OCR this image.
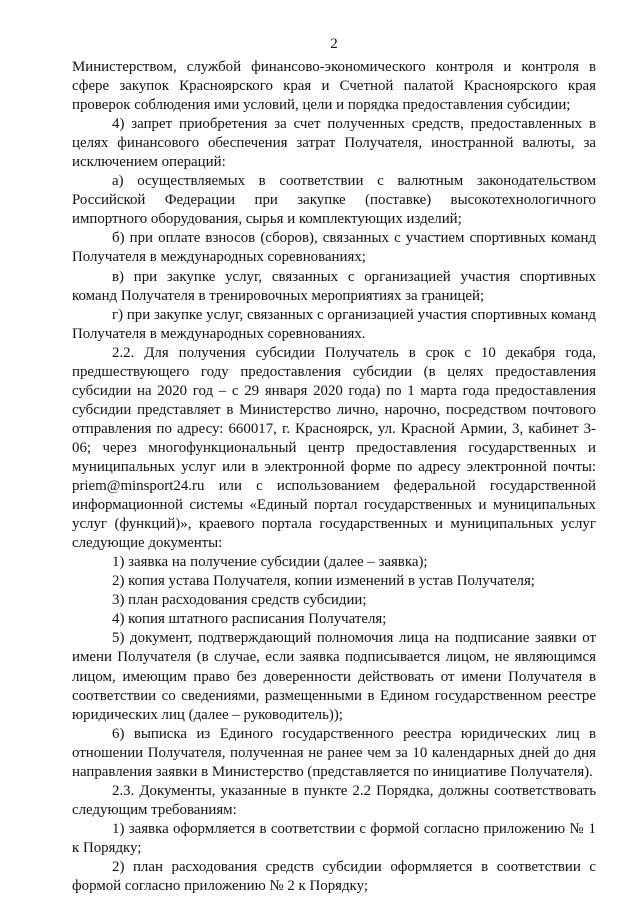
2

Министерством, службой финансово-экономического контроля и контроля в сфере закупок Красноярского края и Счетной палатой Красноярского края проверок соблюдения ими условий, цели и порядка предоставления субсидии;

4) запрет приобретения за счет полученных средств, предоставленных в целях финансового обеспечения затрат Получателя, иностранной валюты, за исключением операций:

а) осуществляемых в соответствии с валютным законодательством Российской Федерации при закупке (поставке) высокотехнологичного импортного оборудования, сырья и комплектующих изделий;

б) при оплате взносов (сборов), связанных с участием спортивных команд Получателя в международных соревнованиях;

в) при закупке услуг, связанных с организацией участия спортивных команд Получателя в тренировочных мероприятиях за границей;

г) при закупке услуг, связанных с организацией участия спортивных команд Получателя в международных соревнованиях.

2.2. Для получения субсидии Получатель в срок с 10 декабря года, предшествующего году предоставления субсидии (в целях предоставления субсидии на 2020 год – с 29 января 2020 года) по 1 марта года предоставления субсидии представляет в Министерство лично, нарочно, посредством почтового отправления по адресу: 660017, г. Красноярск, ул. Красной Армии, 3, кабинет 3-06; через многофункциональный центр предоставления государственных и муниципальных услуг или в электронной форме по адресу электронной почты: priem@minsport24.ru или с использованием федеральной государственной информационной системы «Единый портал государственных и муниципальных услуг (функций)», краевого портала государственных и муниципальных услуг следующие документы:

1) заявка на получение субсидии (далее – заявка);

2) копия устава Получателя, копии изменений в устав Получателя;

3) план расходования средств субсидии;

4) копия штатного расписания Получателя;

5) документ, подтверждающий полномочия лица на подписание заявки от имени Получателя (в случае, если заявка подписывается лицом, не являющимся лицом, имеющим право без доверенности действовать от имени Получателя в соответствии со сведениями, размещенными в Едином государственном реестре юридических лиц (далее – руководитель));

6) выписка из Единого государственного реестра юридических лиц в отношении Получателя, полученная не ранее чем за 10 календарных дней до дня направления заявки в Министерство (представляется по инициативе Получателя).

2.3. Документы, указанные в пункте 2.2 Порядка, должны соответствовать следующим требованиям:

1) заявка оформляется в соответствии с формой согласно приложению № 1 к Порядку;

2) план расходования средств субсидии оформляется в соответствии с формой согласно приложению № 2 к Порядку;
